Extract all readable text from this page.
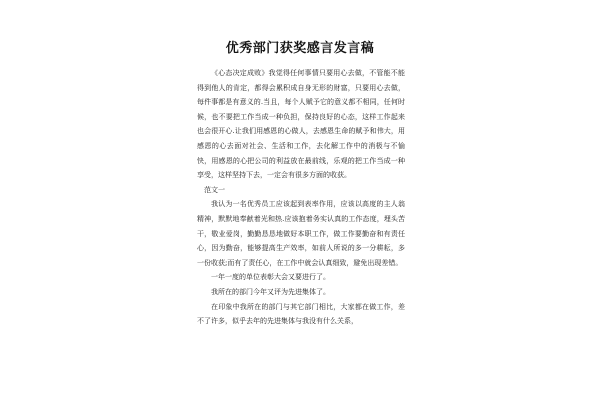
优秀部门获奖感言发言稿

《心态决定成败》我觉得任何事情只要用心去做，不管能不能得到他人的肯定，都得会累积成自身无形的财富，只要用心去做，每件事都是有意义的.当且，每个人赋予它的意义都不相同，任何时候，也不要把工作当成一种负担，保持良好的心态，这样工作起来也会很开心.让我们用感恩的心做人，去感恩生命的赋予和伟大，用感恩的心去面对社会、生活和工作，去化解工作中的消极与不愉快，用感恩的心把公司的利益放在最前线，乐观的把工作当成一种享受，这样坚持下去，一定会有很多方面的收获。

范文一

我认为一名优秀员工应该起到表率作用，应该以高度的主人翁精神，默默地奉献着光和热.应该抱着务实认真的工作态度，埋头苦干，敬业爱岗，勤勤恳恳地做好本职工作，做工作要勤奋和有责任心，因为勤奋，能够提高生产效率，如前人所说的多一分耕耘，多一份收获;而有了责任心，在工作中就会认真细致，避免出现差错。

一年一度的单位表彰大会又要进行了。

我所在的部门今年又评为先进集体了。

在印象中我所在的部门与其它部门相比，大家都在做工作，差不了许多，似乎去年的先进集体与我没有什么关系，
